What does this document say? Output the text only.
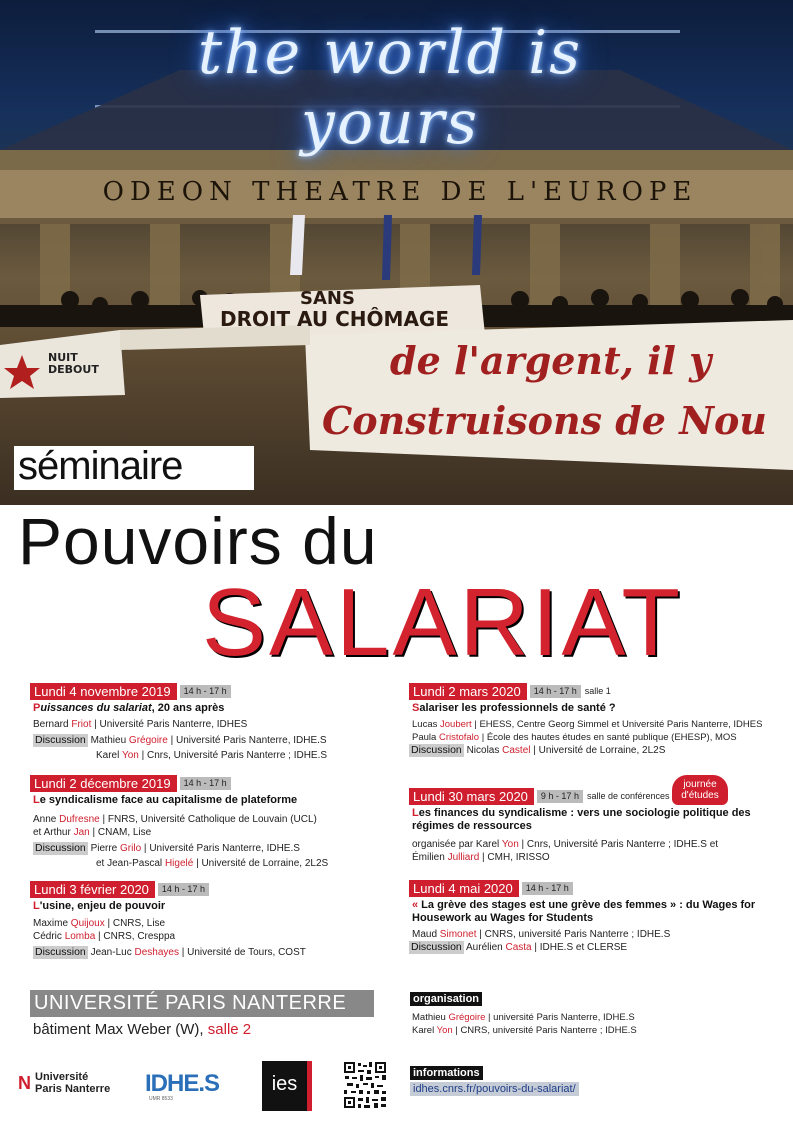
the world is yours
ODEON THEATRE DE L'EUROPE
SANS
DROIT AU CHÔMAGE
NUIT DEBOUT	de l'argent, il y
Construisons de Nou
séminaire
Pouvoirs du
SALARIAT
Lundi 4 novembre 2019	14 h - 17 h
Puissances du salariat, 20 ans après
Bernard Friot | Université Paris Nanterre, IDHES
Discussion Mathieu Grégoire | Université Paris Nanterre, IDHE.S
Karel Yon | Cnrs, Université Paris Nanterre ; IDHE.S
Lundi 2 décembre 2019	14 h - 17 h
Le syndicalisme face au capitalisme de plateforme
Anne Dufresne | FNRS, Université Catholique de Louvain (UCL)
et Arthur Jan | CNAM, Lise
Discussion Pierre Grilo | Université Paris Nanterre, IDHE.S
et Jean-Pascal Higelé | Université de Lorraine, 2L2S
Lundi 3 février 2020	14 h - 17 h
L'usine, enjeu de pouvoir
Maxime Quijoux | CNRS, Lise
Cédric Lomba | CNRS, Cresppa
Discussion Jean-Luc Deshayes | Université de Tours, COST
Lundi 2 mars 2020	14 h - 17 h salle 1
Salariser les professionnels de santé ?
Lucas Joubert | EHESS, Centre Georg Simmel et Université Paris Nanterre, IDHES
Paula Cristofalo | École des hautes études en santé publique (EHESP), MOS
Discussion Nicolas Castel | Université de Lorraine, 2L2S
journée d'études
Lundi 30 mars 2020	9 h - 17 h salle de conférences
Les finances du syndicalisme : vers une sociologie politique des régimes de ressources
organisée par Karel Yon | Cnrs, Université Paris Nanterre ; IDHE.S et
Émilien Julliard | CMH, IRISSO
Lundi 4 mai 2020	14 h - 17 h
« La grève des stages est une grève des femmes » : du Wages for Housework au Wages for Students
Maud Simonet | CNRS, université Paris Nanterre ; IDHE.S
Discussion Aurélien Casta | IDHE.S et CLERSE
UNIVERSITÉ PARIS NANTERRE
bâtiment Max Weber (W), salle 2
organisation
Mathieu Grégoire | université Paris Nanterre, IDHE.S
Karel Yon | CNRS, université Paris Nanterre ; IDHE.S
informations
idhes.cnrs.fr/pouvoirs-du-salariat/
N Université
Paris Nanterre IDHE.S
UMR 8533
ies
